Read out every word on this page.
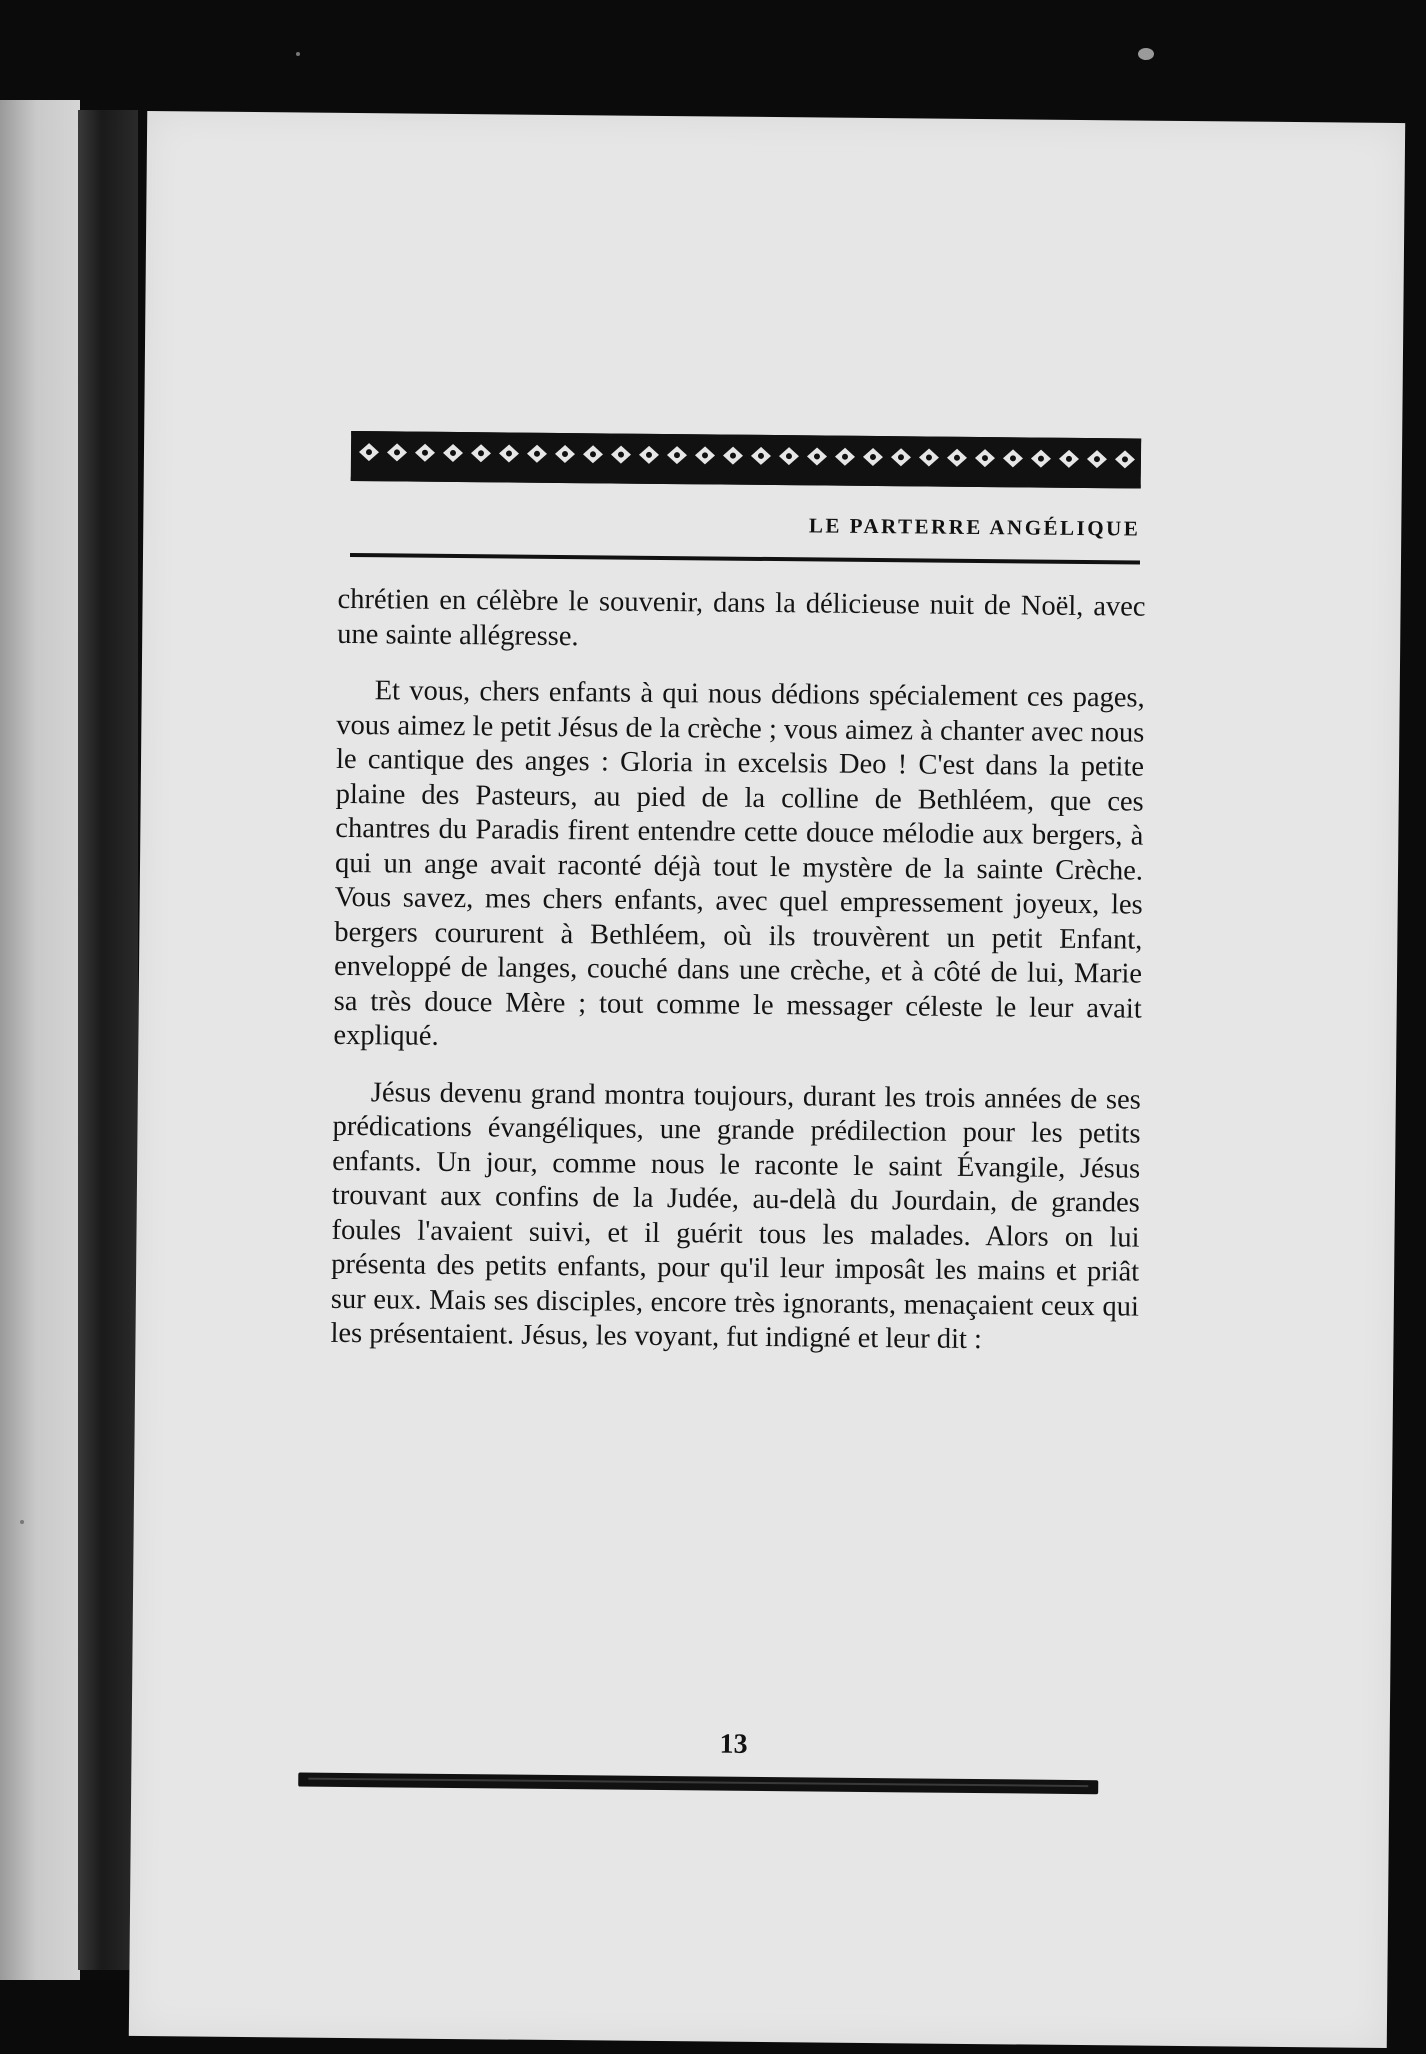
LE PARTERRE ANGÉLIQUE

chrétien en célèbre le souvenir, dans la délicieuse nuit de Noël, avec une sainte allégresse.

Et vous, chers enfants à qui nous dédions spécialement ces pages, vous aimez le petit Jésus de la crèche ; vous aimez à chanter avec nous le cantique des anges : Gloria in excelsis Deo ! C'est dans la petite plaine des Pasteurs, au pied de la colline de Bethléem, que ces chantres du Paradis firent entendre cette douce mélodie aux bergers, à qui un ange avait raconté déjà tout le mystère de la sainte Crèche. Vous savez, mes chers enfants, avec quel empressement joyeux, les bergers coururent à Bethléem, où ils trouvèrent un petit Enfant, enveloppé de langes, couché dans une crèche, et à côté de lui, Marie sa très douce Mère ; tout comme le messager céleste le leur avait expliqué.

Jésus devenu grand montra toujours, durant les trois années de ses prédications évangéliques, une grande prédilection pour les petits enfants. Un jour, comme nous le raconte le saint Évangile, Jésus trouvant aux confins de la Judée, au-delà du Jourdain, de grandes foules l'avaient suivi, et il guérit tous les malades. Alors on lui présenta des petits enfants, pour qu'il leur imposât les mains et priât sur eux. Mais ses disciples, encore très ignorants, menaçaient ceux qui les présentaient. Jésus, les voyant, fut indigné et leur dit :

13
